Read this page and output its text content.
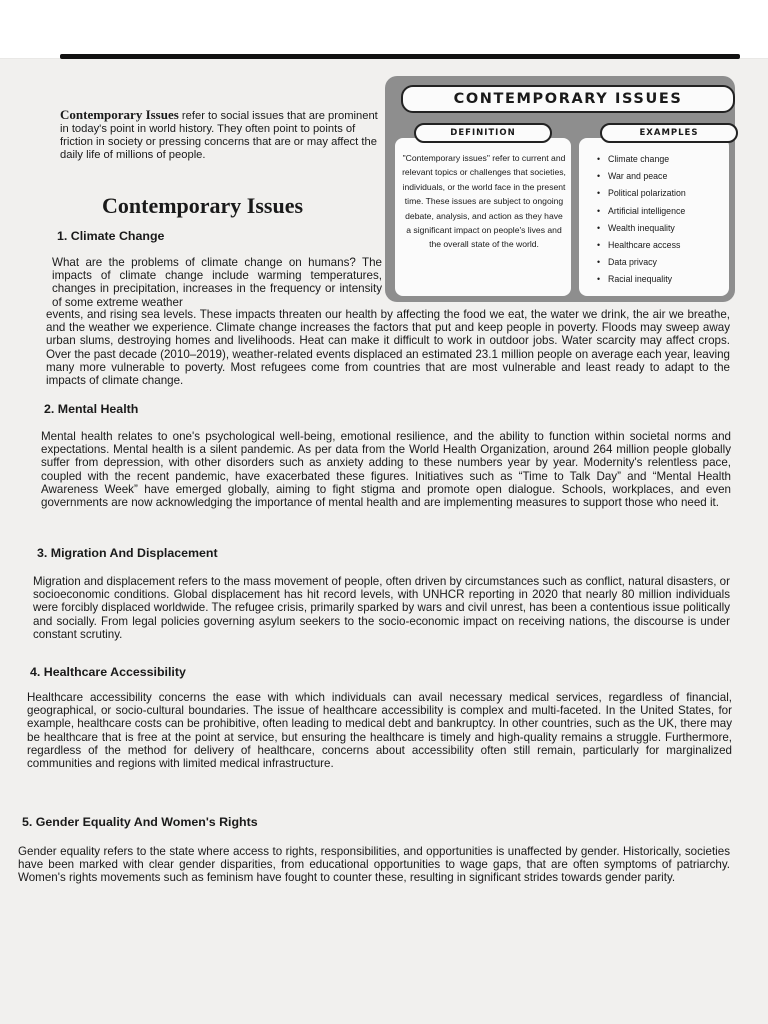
Contemporary Issues refer to social issues that are prominent in today's point in world history. They often point to points of friction in society or pressing concerns that are or may affect the daily life of millions of people.
Contemporary Issues
CONTEMPORARY ISSUES
DEFINITION	EXAMPLES
"Contemporary issues" refer to current and relevant topics or challenges that societies, individuals, or the world face in the present time. These issues are subject to ongoing debate, analysis, and action as they have a significant impact on people's lives and the overall state of the world.
• Climate change
• War and peace
• Political polarization
• Artificial intelligence
• Wealth inequality
• Healthcare access
• Data privacy
• Racial inequality
1. Climate Change

What are the problems of climate change on humans? The impacts of climate change include warming temperatures, changes in precipitation, increases in the frequency or intensity of some extreme weather

events, and rising sea levels. These impacts threaten our health by affecting the food we eat, the water we drink, the air we breathe, and the weather we experience. Climate change increases the factors that put and keep people in poverty. Floods may sweep away urban slums, destroying homes and livelihoods. Heat can make it difficult to work in outdoor jobs. Water scarcity may affect crops. Over the past decade (2010–2019), weather-related events displaced an estimated 23.1 million people on average each year, leaving many more vulnerable to poverty. Most refugees come from countries that are most vulnerable and least ready to adapt to the impacts of climate change.

2. Mental Health

Mental health relates to one's psychological well-being, emotional resilience, and the ability to function within societal norms and expectations. Mental health is a silent pandemic. As per data from the World Health Organization, around 264 million people globally suffer from depression, with other disorders such as anxiety adding to these numbers year by year. Modernity's relentless pace, coupled with the recent pandemic, have exacerbated these figures. Initiatives such as “Time to Talk Day” and “Mental Health Awareness Week” have emerged globally, aiming to fight stigma and promote open dialogue. Schools, workplaces, and even governments are now acknowledging the importance of mental health and are implementing measures to support those who need it.

3. Migration And Displacement

Migration and displacement refers to the mass movement of people, often driven by circumstances such as conflict, natural disasters, or socioeconomic conditions. Global displacement has hit record levels, with UNHCR reporting in 2020 that nearly 80 million individuals were forcibly displaced worldwide. The refugee crisis, primarily sparked by wars and civil unrest, has been a contentious issue politically and socially. From legal policies governing asylum seekers to the socio-economic impact on receiving nations, the discourse is under constant scrutiny.

4. Healthcare Accessibility

Healthcare accessibility concerns the ease with which individuals can avail necessary medical services, regardless of financial, geographical, or socio-cultural boundaries. The issue of healthcare accessibility is complex and multi-faceted. In the United States, for example, healthcare costs can be prohibitive, often leading to medical debt and bankruptcy. In other countries, such as the UK, there may be healthcare that is free at the point at service, but ensuring the healthcare is timely and high-quality remains a struggle. Furthermore, regardless of the method for delivery of healthcare, concerns about accessibility often still remain, particularly for marginalized communities and regions with limited medical infrastructure.

5. Gender Equality And Women's Rights

Gender equality refers to the state where access to rights, responsibilities, and opportunities is unaffected by gender. Historically, societies have been marked with clear gender disparities, from educational opportunities to wage gaps, that are often symptoms of patriarchy. Women's rights movements such as feminism have fought to counter these, resulting in significant strides towards gender parity.
